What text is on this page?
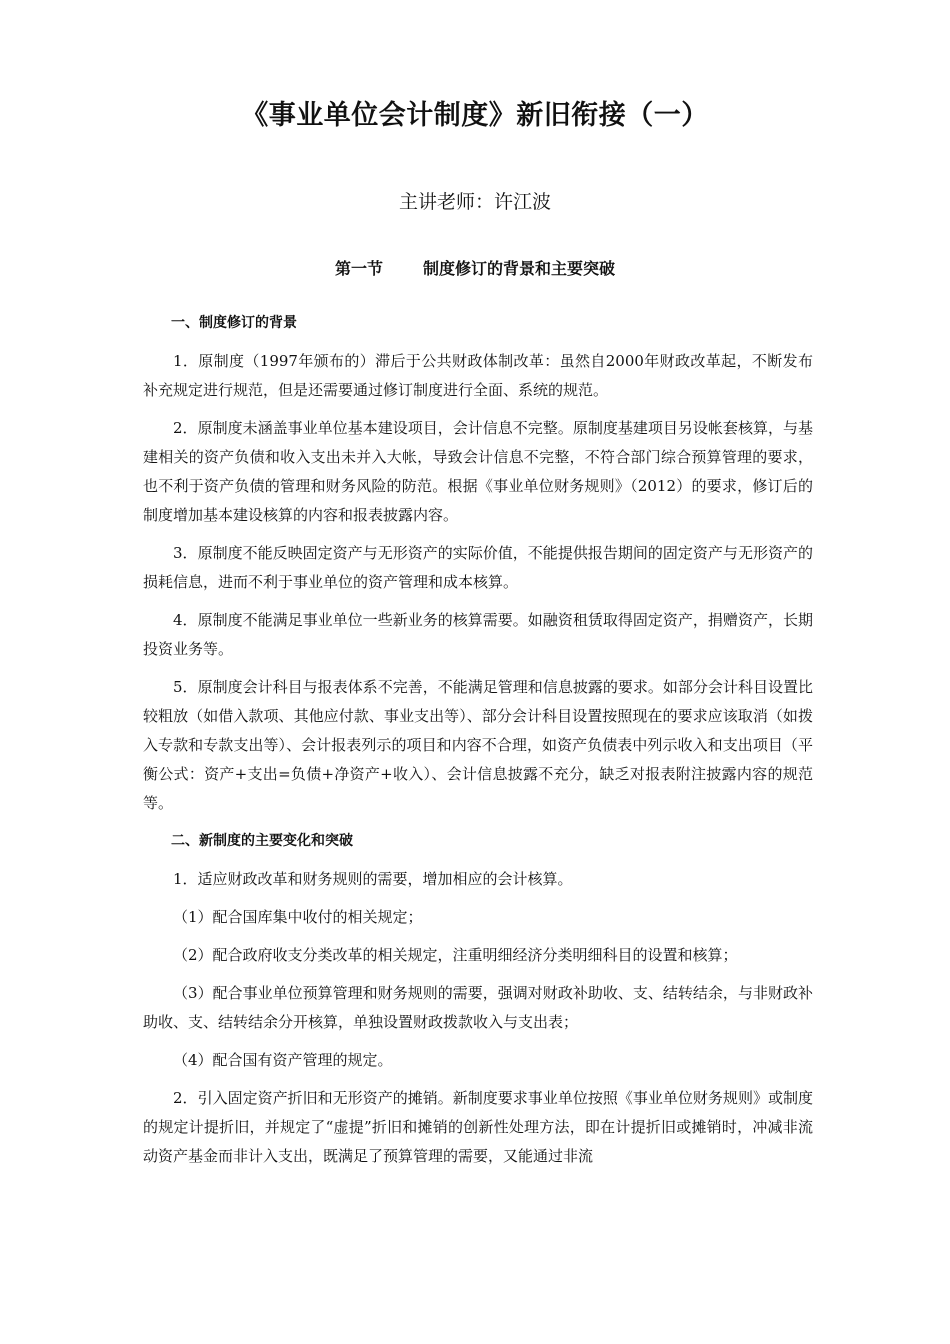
《事业单位会计制度》新旧衔接（一）
主讲老师：许江波
第一节	制度修订的背景和主要突破
一、制度修订的背景

1．原制度（1997年颁布的）滞后于公共财政体制改革：虽然自2000年财政改革起，不断发布补充规定进行规范，但是还需要通过修订制度进行全面、系统的规范。

2．原制度未涵盖事业单位基本建设项目，会计信息不完整。原制度基建项目另设帐套核算，与基建相关的资产负债和收入支出未并入大帐，导致会计信息不完整，不符合部门综合预算管理的要求，也不利于资产负债的管理和财务风险的防范。根据《事业单位财务规则》（2012）的要求，修订后的制度增加基本建设核算的内容和报表披露内容。

3．原制度不能反映固定资产与无形资产的实际价值，不能提供报告期间的固定资产与无形资产的损耗信息，进而不利于事业单位的资产管理和成本核算。

4．原制度不能满足事业单位一些新业务的核算需要。如融资租赁取得固定资产，捐赠资产，长期投资业务等。

5．原制度会计科目与报表体系不完善，不能满足管理和信息披露的要求。如部分会计科目设置比较粗放（如借入款项、其他应付款、事业支出等）、部分会计科目设置按照现在的要求应该取消（如拨入专款和专款支出等）、会计报表列示的项目和内容不合理，如资产负债表中列示收入和支出项目（平衡公式：资产+支出=负债+净资产+收入）、会计信息披露不充分，缺乏对报表附注披露内容的规范等。

二、新制度的主要变化和突破

1．适应财政改革和财务规则的需要，增加相应的会计核算。

（1）配合国库集中收付的相关规定；

（2）配合政府收支分类改革的相关规定，注重明细经济分类明细科目的设置和核算；

（3）配合事业单位预算管理和财务规则的需要，强调对财政补助收、支、结转结余，与非财政补助收、支、结转结余分开核算，单独设置财政拨款收入与支出表；

（4）配合国有资产管理的规定。

2．引入固定资产折旧和无形资产的摊销。新制度要求事业单位按照《事业单位财务规则》或制度的规定计提折旧，并规定了“虚提”折旧和摊销的创新性处理方法，即在计提折旧或摊销时，冲减非流动资产基金而非计入支出，既满足了预算管理的需要，又能通过非流
